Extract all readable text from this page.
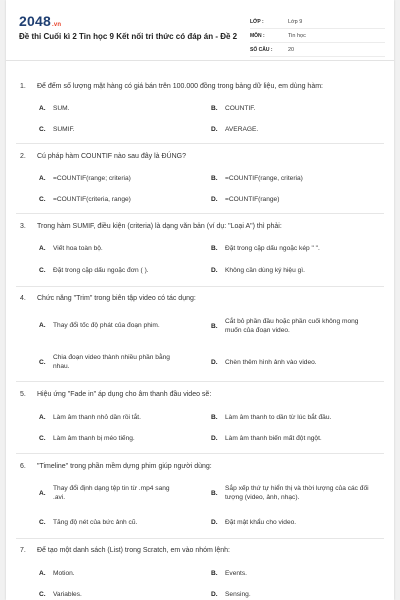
2048.vn
Đề thi Cuối kì 2 Tin học 9 Kết nối tri thức có đáp án - Đề 2
LỚP :	Lớp 9
MÔN :	Tin học
SỐ CÂU :	20
1. Để đếm số lượng mặt hàng có giá bán trên 100.000 đồng trong bảng dữ liệu, em dùng hàm:
A. SUM.	B. COUNTIF.
C. SUMIF.	D. AVERAGE.
2. Cú pháp hàm COUNTIF nào sau đây là ĐÚNG?
A. =COUNTIF(range; criteria)	B. =COUNTIF(range, criteria)
C. =COUNTIF(criteria, range)	D. =COUNTIF(range)
3. Trong hàm SUMIF, điều kiện (criteria) là dạng văn bản (ví dụ: "Loại A") thì phải:
A. Viết hoa toàn bộ.	B. Đặt trong cặp dấu ngoặc kép " ".
C. Đặt trong cặp dấu ngoặc đơn ( ).	D. Không cần dùng ký hiệu gì.
4. Chức năng "Trim" trong biên tập video có tác dụng:
A. Thay đổi tốc độ phát của đoạn phim.	B.
Cắt bỏ phần đầu hoặc phần cuối không mong muốn của đoạn video.
C.
Chia đoạn video thành nhiều phần bằng nhau.
D. Chèn thêm hình ảnh vào video.
5. Hiệu ứng "Fade in" áp dụng cho âm thanh đầu video sẽ:
A. Làm âm thanh nhỏ dần rồi tắt.	B. Làm âm thanh to dần từ lúc bắt đầu.
C. Làm âm thanh bị méo tiếng.	D. Làm âm thanh biến mất đột ngột.
6. "Timeline" trong phần mềm dựng phim giúp người dùng:
A.
Thay đổi định dạng tệp tin từ .mp4 sang .avi.
B.
Sắp xếp thứ tự hiển thị và thời lượng của các đối tượng (video, ảnh, nhạc).
C. Tăng độ nét của bức ảnh cũ.	D. Đặt mật khẩu cho video.
7. Để tạo một danh sách (List) trong Scratch, em vào nhóm lệnh:
A. Motion.	B. Events.
C. Variables.	D. Sensing.
